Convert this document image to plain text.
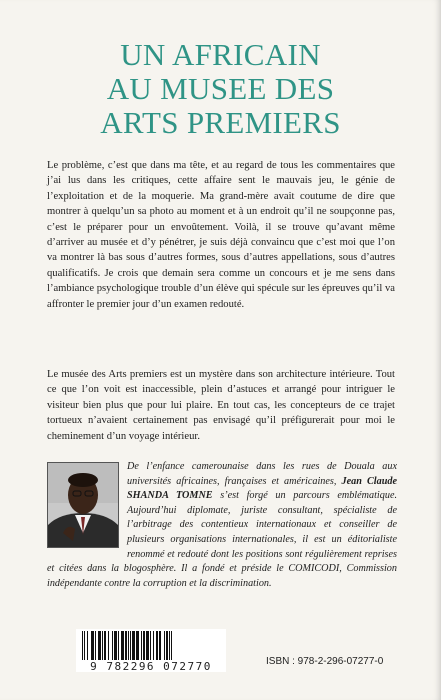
UN AFRICAIN
AU MUSEE DES
ARTS PREMIERS

Le problème, c’est que dans ma tête, et au regard de tous les commentaires que j’ai lus dans les critiques, cette affaire sent le mauvais jeu, le génie de l’exploitation et de la moquerie. Ma grand-mère avait coutume de dire que montrer à quelqu’un sa photo au moment et à un endroit qu’il ne soupçonne pas, c’est le préparer pour un envoûtement. Voilà, il se trouve qu’avant même d’arriver au musée et d’y pénétrer, je suis déjà convaincu que c’est moi que l’on va montrer là bas sous d’autres formes, sous d’autres appellations, sous d’autres qualificatifs. Je crois que demain sera comme un concours et je me sens dans l’ambiance psychologique trouble d’un élève qui spécule sur les épreuves qu’il va affronter le premier jour d’un examen redouté.

Le musée des Arts premiers est un mystère dans son architecture intérieure. Tout ce que l’on voit est inaccessible, plein d’astuces et arrangé pour intriguer le visiteur bien plus que pour lui plaire. En tout cas, les concepteurs de ce trajet tortueux n’avaient certainement pas envisagé qu’il préfigurerait pour moi le cheminement d’un voyage intérieur.

De l’enfance camerounaise dans les rues de Douala aux universités africaines, françaises et américaines, Jean Claude SHANDA TOMNE s’est forgé un parcours emblématique. Aujourd’hui diplomate, juriste consultant, spécialiste de l’arbitrage des contentieux internationaux et conseiller de plusieurs organisations internationales, il est un éditorialiste renommé et redouté dont les positions sont régulièrement reprises et citées dans la blogosphère. Il a fondé et préside le COMICODI, Commission indépendante contre la corruption et la discrimination.
9 782296 072770	ISBN : 978-2-296-07277-0
